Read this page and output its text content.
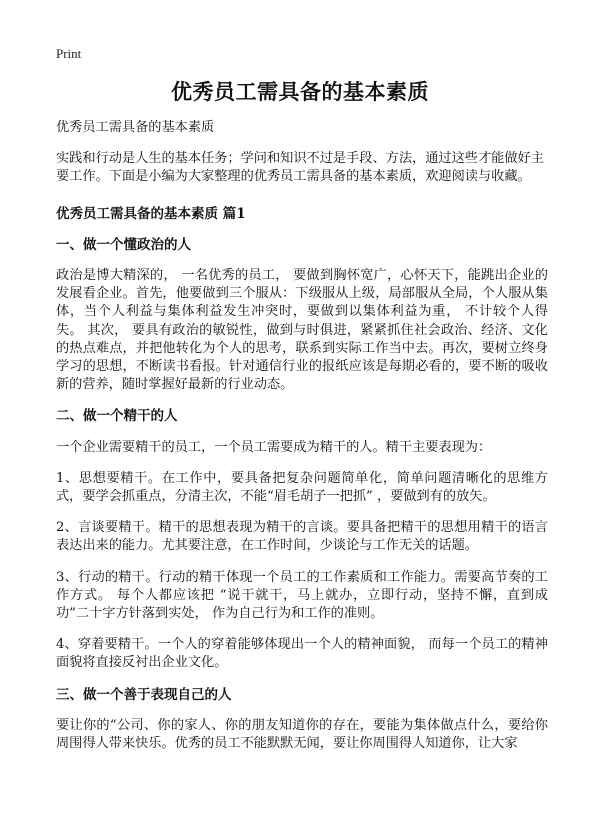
Print
优秀员工需具备的基本素质

优秀员工需具备的基本素质

实践和行动是人生的基本任务；学问和知识不过是手段、方法，通过这些才能做好主要工作。下面是小编为大家整理的优秀员工需具备的基本素质，欢迎阅读与收藏。

优秀员工需具备的基本素质 篇1

一、做一个懂政治的人

政治是博大精深的， 一名优秀的员工， 要做到胸怀宽广，心怀天下，能跳出企业的发展看企业。首先，他要做到三个服从：下级服从上级，局部服从全局，个人服从集体，当个人利益与集体利益发生冲突时，要做到以集体利益为重， 不计较个人得失。 其次， 要具有政治的敏锐性，做到与时俱进，紧紧抓住社会政治、经济、文化的热点难点，并把他转化为个人的思考，联系到实际工作当中去。再次，要树立终身学习的思想，不断读书看报。针对通信行业的报纸应该是每期必看的，要不断的吸收新的营养，随时掌握好最新的行业动态。

二、做一个精干的人

一个企业需要精干的员工，一个员工需要成为精干的人。精干主要表现为：

1、思想要精干。在工作中，要具备把复杂问题简单化，简单问题清晰化的思维方式，要学会抓重点，分清主次，不能“眉毛胡子一把抓” ，要做到有的放矢。

2、言谈要精干。精干的思想表现为精干的言谈。要具备把精干的思想用精干的语言表达出来的能力。尤其要注意，在工作时间，少谈论与工作无关的话题。

3、行动的精干。行动的精干体现一个员工的工作素质和工作能力。需要高节奏的工作方式。 每个人都应该把 “说干就干，马上就办，立即行动，坚持不懈，直到成功”二十字方针落到实处， 作为自己行为和工作的准则。

4、穿着要精干。一个人的穿着能够体现出一个人的精神面貌， 而每一个员工的精神面貌将直接反衬出企业文化。

三、做一个善于表现自己的人

要让你的“公司、你的家人、你的朋友知道你的存在，要能为集体做点什么，要给你周围得人带来快乐。优秀的员工不能默默无闻，要让你周围得人知道你，让大家
